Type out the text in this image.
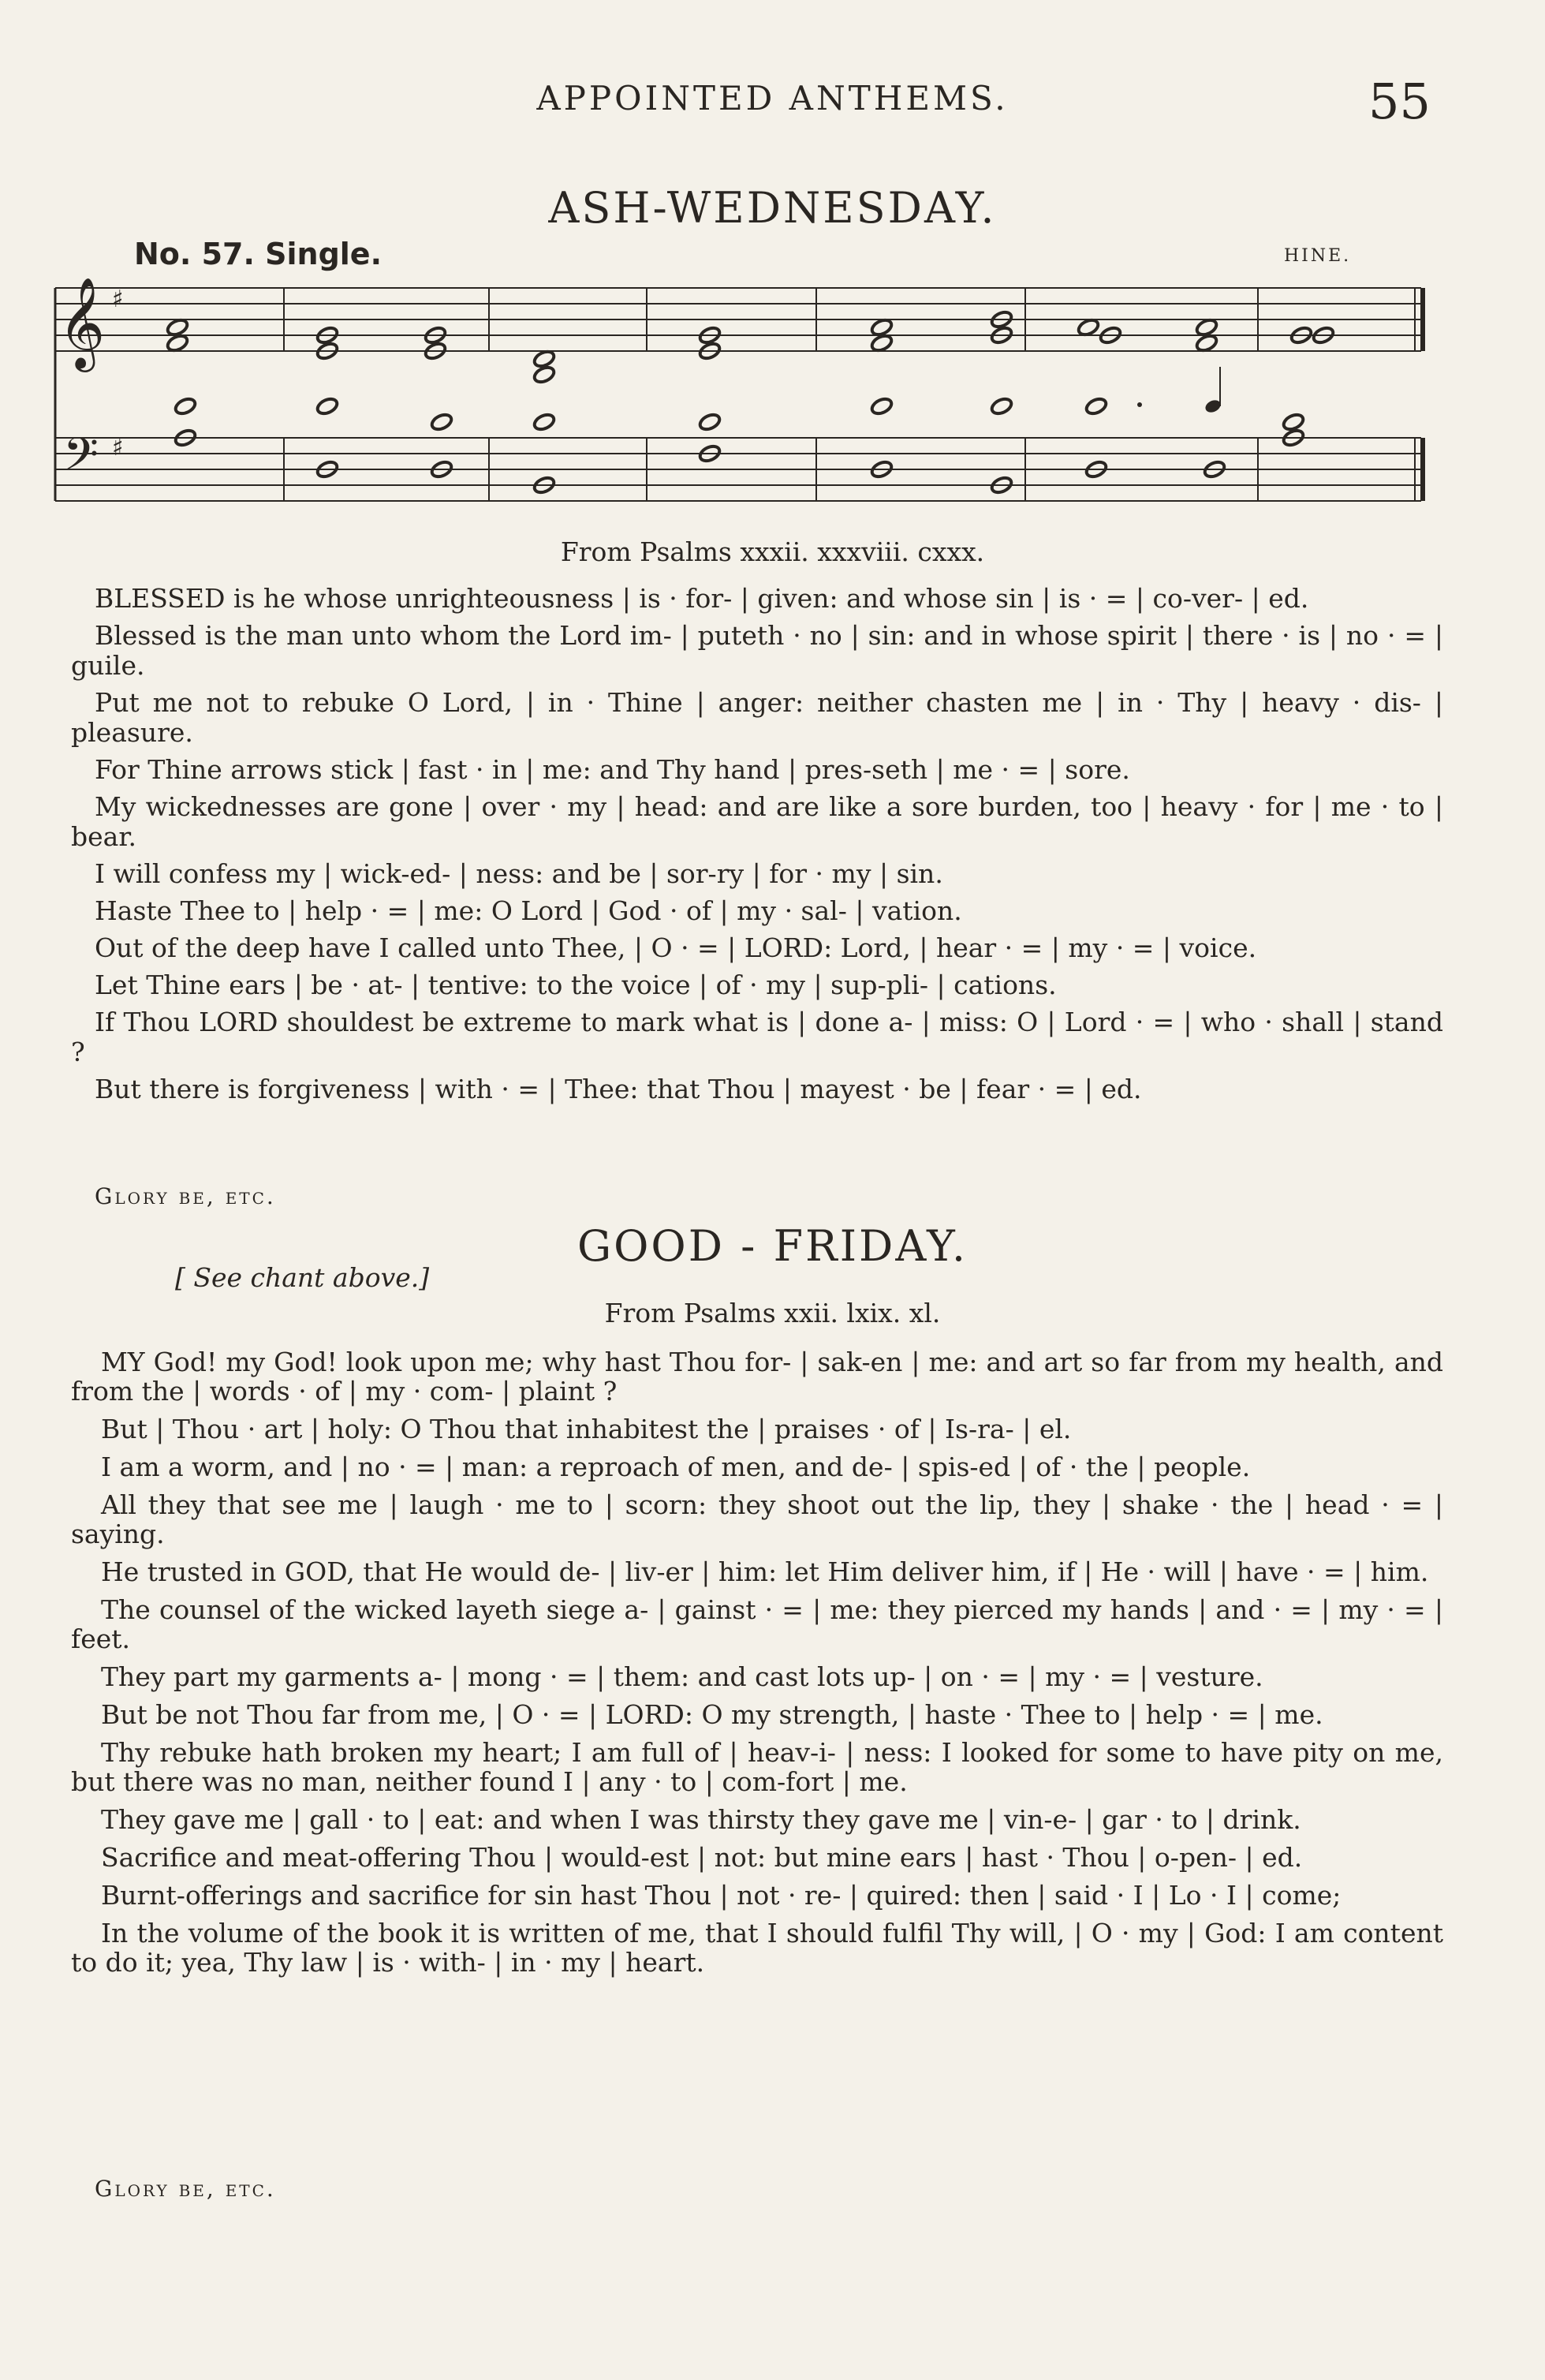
APPOINTED ANTHEMS.	55
ASH-WEDNESDAY.
No. 57. Single.	HINE.
𝄞
𝄢
♯
♯
From Psalms xxxii. xxxviii. cxxx.

BLESSED is he whose unrighteousness | is · for- | given: and whose sin | is · = | co-ver- | ed.

Blessed is the man unto whom the Lord im- | puteth · no | sin: and in whose spirit | there · is | no · = | guile.

Put me not to rebuke O Lord, | in · Thine | anger: neither chasten me | in · Thy | heavy · dis- | pleasure.

For Thine arrows stick | fast · in | me: and Thy hand | pres-seth | me · = | sore.

My wickednesses are gone | over · my | head: and are like a sore burden, too | heavy · for | me · to | bear.

I will confess my | wick-ed- | ness: and be | sor-ry | for · my | sin.

Haste Thee to | help · = | me: O Lord | God · of | my · sal- | vation.

Out of the deep have I called unto Thee, | O · = | LORD: Lord, | hear · = | my · = | voice.

Let Thine ears | be · at- | tentive: to the voice | of · my | sup-pli- | cations.

If Thou LORD shouldest be extreme to mark what is | done a- | miss: O | Lord · = | who · shall | stand ?

But there is forgiveness | with · = | Thee: that Thou | mayest · be | fear · = | ed.

Glory be, etc.
GOOD - FRIDAY.
[ See chant above.]
From Psalms xxii. lxix. xl.

MY God! my God! look upon me; why hast Thou for- | sak-en | me: and art so far from my health, and from the | words · of | my · com- | plaint ?

But | Thou · art | holy: O Thou that inhabitest the | praises · of | Is-ra- | el.

I am a worm, and | no · = | man: a reproach of men, and de- | spis-ed | of · the | people.

All they that see me | laugh · me to | scorn: they shoot out the lip, they | shake · the | head · = | saying.

He trusted in GOD, that He would de- | liv-er | him: let Him deliver him, if | He · will | have · = | him.

The counsel of the wicked layeth siege a- | gainst · = | me: they pierced my hands | and · = | my · = | feet.

They part my garments a- | mong · = | them: and cast lots up- | on · = | my · = | vesture.

But be not Thou far from me, | O · = | LORD: O my strength, | haste · Thee to | help · = | me.

Thy rebuke hath broken my heart; I am full of | heav-i- | ness: I looked for some to have pity on me, but there was no man, neither found I | any · to | com-fort | me.

They gave me | gall · to | eat: and when I was thirsty they gave me | vin-e- | gar · to | drink.

Sacrifice and meat-offering Thou | would-est | not: but mine ears | hast · Thou | o-pen- | ed.

Burnt-offerings and sacrifice for sin hast Thou | not · re- | quired: then | said · I | Lo · I | come;

In the volume of the book it is written of me, that I should fulfil Thy will, | O · my | God: I am content to do it; yea, Thy law | is · with- | in · my | heart.

Glory be, etc.
